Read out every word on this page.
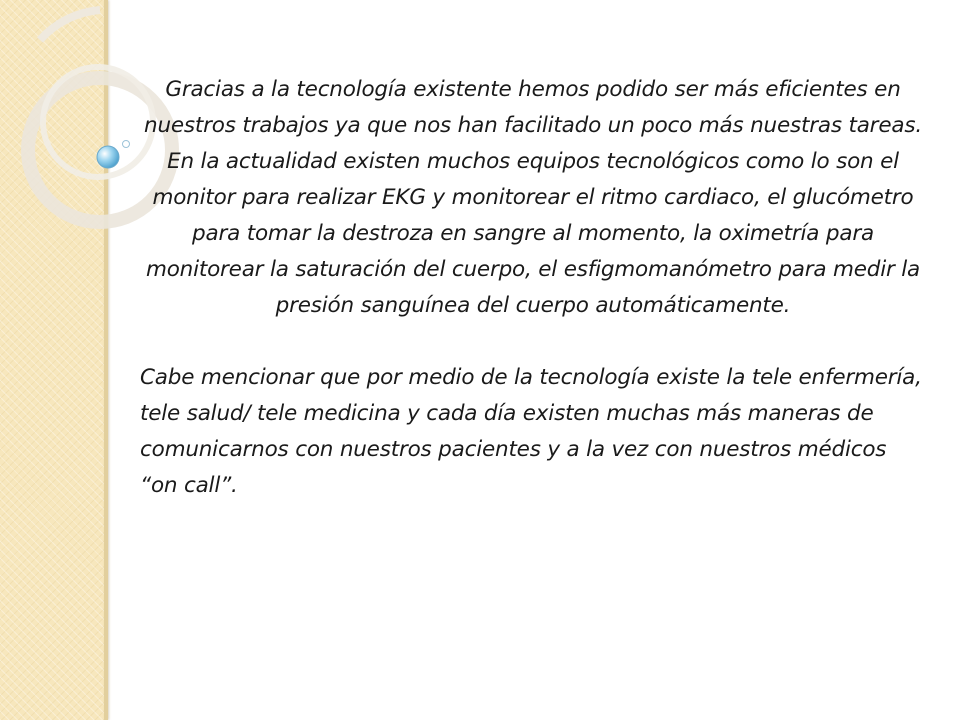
Gracias a la tecnología existente hemos podido ser más eficientes en nuestros trabajos ya que nos han facilitado un poco más nuestras tareas. En la actualidad existen muchos equipos tecnológicos como lo son el monitor para realizar EKG y monitorear el ritmo cardiaco, el glucómetro para tomar la destroza en sangre al momento, la oximetría para monitorear la saturación del cuerpo, el esfigmomanómetro para medir la presión sanguínea del cuerpo automáticamente.

Cabe mencionar que por medio de la tecnología existe la tele enfermería, tele salud/ tele medicina y cada día existen muchas más maneras de comunicarnos con nuestros pacientes y a la vez con nuestros médicos “on call”.
